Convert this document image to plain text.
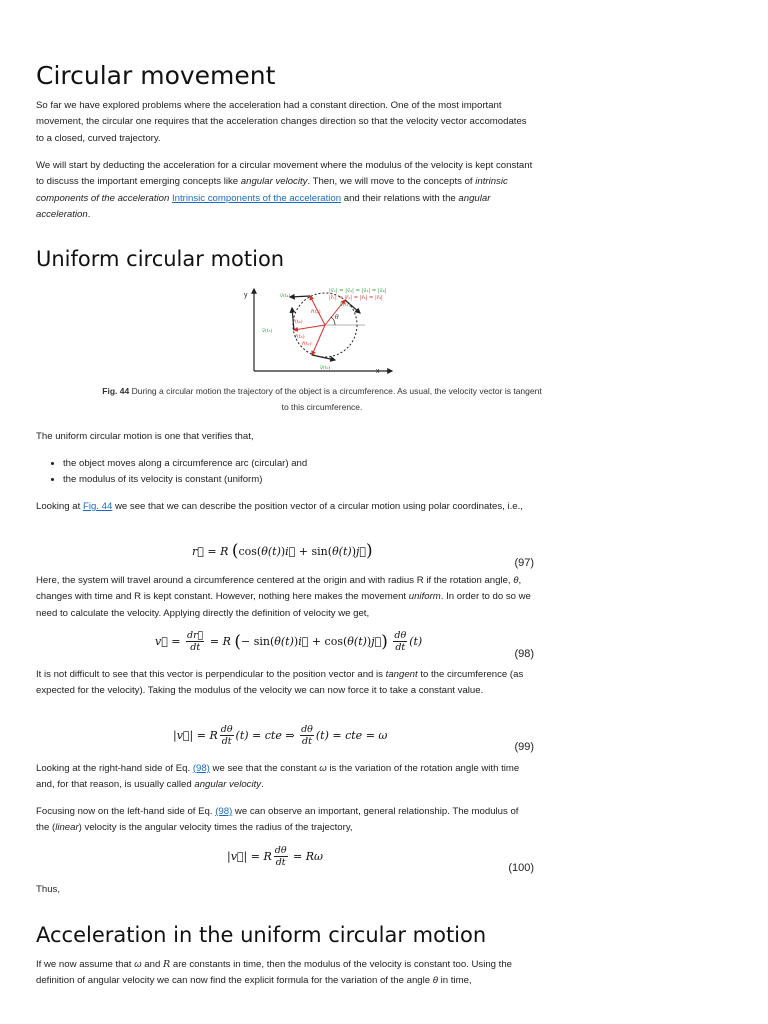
Circular movement

So far we have explored problems where the acceleration had a constant direction. One of the most important movement, the circular one requires that the acceleration changes direction so that the velocity vector accomodates to a closed, curved trajectory.

We will start by deducting the acceleration for a circular movement where the modulus of the velocity is kept constant to discuss the important emerging concepts like angular velocity. Then, we will move to the concepts of intrinsic components of the acceleration Intrinsic components of the acceleration and their relations with the angular acceleration.

Uniform circular motion
y
x
θ
|v⃗₁| = |v⃗₂| = |v⃗₃| = |v⃗₄|
|r⃗₁| = |r⃗₂| = |r⃗₃| = |r⃗₄|
v⃗(t₁)
v⃗(t₂)
v⃗(t₃)
v⃗(t₄)
r⃗(t₁)
r⃗(t₂)
r⃗(t₃)
r⃗(t₄)
Fig. 44 During a circular motion the trajectory of the object is a circumference. As usual, the velocity vector is tangent to this circumference.

The uniform circular motion is one that verifies that,

• the object moves along a circumference arc (circular) and
• the modulus of its velocity is constant (uniform)

Looking at Fig. 44 we see that we can describe the position vector of a circular motion using polar coordinates, i.e.,

r⃗ = R ( cos( θ(t) ) i⃗ + sin( θ(t) ) j⃗ )
(97)

Here, the system will travel around a circumference centered at the origin and with radius R if the rotation angle, θ, changes with time and R is kept constant. However, nothing here makes the movement uniform. In order to do so we need to calculate the velocity. Applying directly the definition of velocity we get,

v⃗ = $\frac{dr⃗}{dt} = R$ ( − sin( θ(t) ) i⃗ + cos( θ(t) ) j⃗ )
$\frac{d\theta}{dt} (t)$
(98)

It is not difficult to see that this vector is perpendicular to the position vector and is tangent to the circumference (as expected for the velocity). Taking the modulus of the velocity we can now force it to take a constant value.

|v⃗| = R $\frac{d\theta}{dt} (t)$ = cte ⇒
$\frac{d\theta}{dt} (t)$ = cte = ω
(99)

Looking at the right-hand side of Eq. (98) we see that the constant ω is the variation of the rotation angle with time and, for that reason, is usually called angular velocity.

Focusing now on the left-hand side of Eq. (98) we can observe an important, general relationship. The modulus of the (linear) velocity is the angular velocity times the radius of the trajectory,

|v⃗| = R $\frac{d\theta}{dt} = R\omega$
(100)

Thus,

Acceleration in the uniform circular motion

If we now assume that ω and R are constants in time, then the modulus of the velocity is constant too. Using the definition of angular velocity we can now find the explicit formula for the variation of the angle θ in time,
